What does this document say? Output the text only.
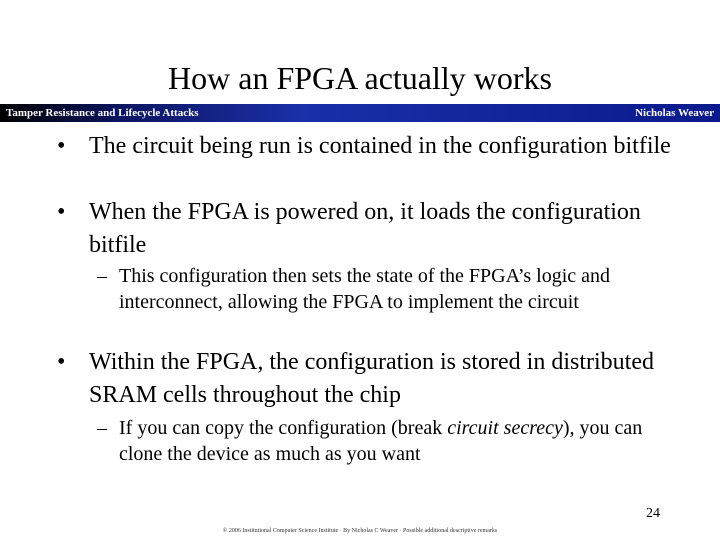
How an FPGA actually works
Tamper Resistance and Lifecycle Attacks	Nicholas Weaver
• The circuit being run is contained in the configuration bitfile
• When the FPGA is powered on, it loads the configuration bitfile
– This configuration then sets the state of the FPGA’s logic and interconnect, allowing the FPGA to implement the circuit
• Within the FPGA, the configuration is stored in distributed SRAM cells throughout the chip
– If you can copy the configuration (break circuit secrecy), you can clone the device as much as you want
24
© 2006 Institutional Computer Science Institute · By Nicholas C Weaver · Possible additional descriptive remarks
